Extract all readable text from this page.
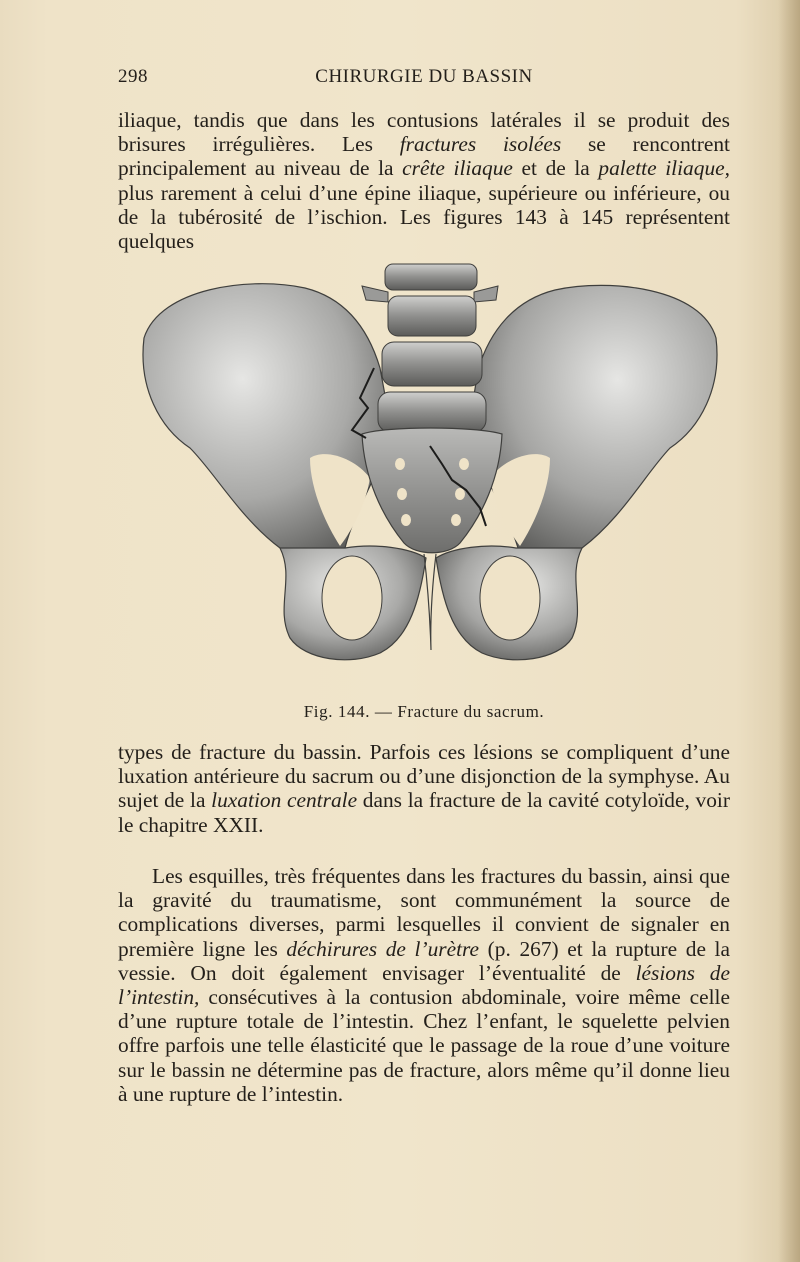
298	CHIRURGIE DU BASSIN

iliaque, tandis que dans les contusions latérales il se produit des brisures irrégulières. Les fractures isolées se rencontrent principalement au niveau de la crête iliaque et de la palette iliaque, plus rarement à celui d’une épine iliaque, supérieure ou inférieure, ou de la tubérosité de l’ischion. Les figures 143 à 145 représentent quelques

Fig. 144. — Fracture du sacrum.

types de fracture du bassin. Parfois ces lésions se compliquent d’une luxation antérieure du sacrum ou d’une disjonction de la symphyse. Au sujet de la luxation centrale dans la fracture de la cavité cotyloïde, voir le chapitre XXII.

Les esquilles, très fréquentes dans les fractures du bassin, ainsi que la gravité du traumatisme, sont communément la source de complications diverses, parmi lesquelles il convient de signaler en première ligne les déchirures de l’urètre (p. 267) et la rupture de la vessie. On doit également envisager l’éventualité de lésions de l’intestin, consécutives à la contusion abdominale, voire même celle d’une rupture totale de l’intestin. Chez l’enfant, le squelette pelvien offre parfois une telle élasticité que le passage de la roue d’une voiture sur le bassin ne détermine pas de fracture, alors même qu’il donne lieu à une rupture de l’intestin.
